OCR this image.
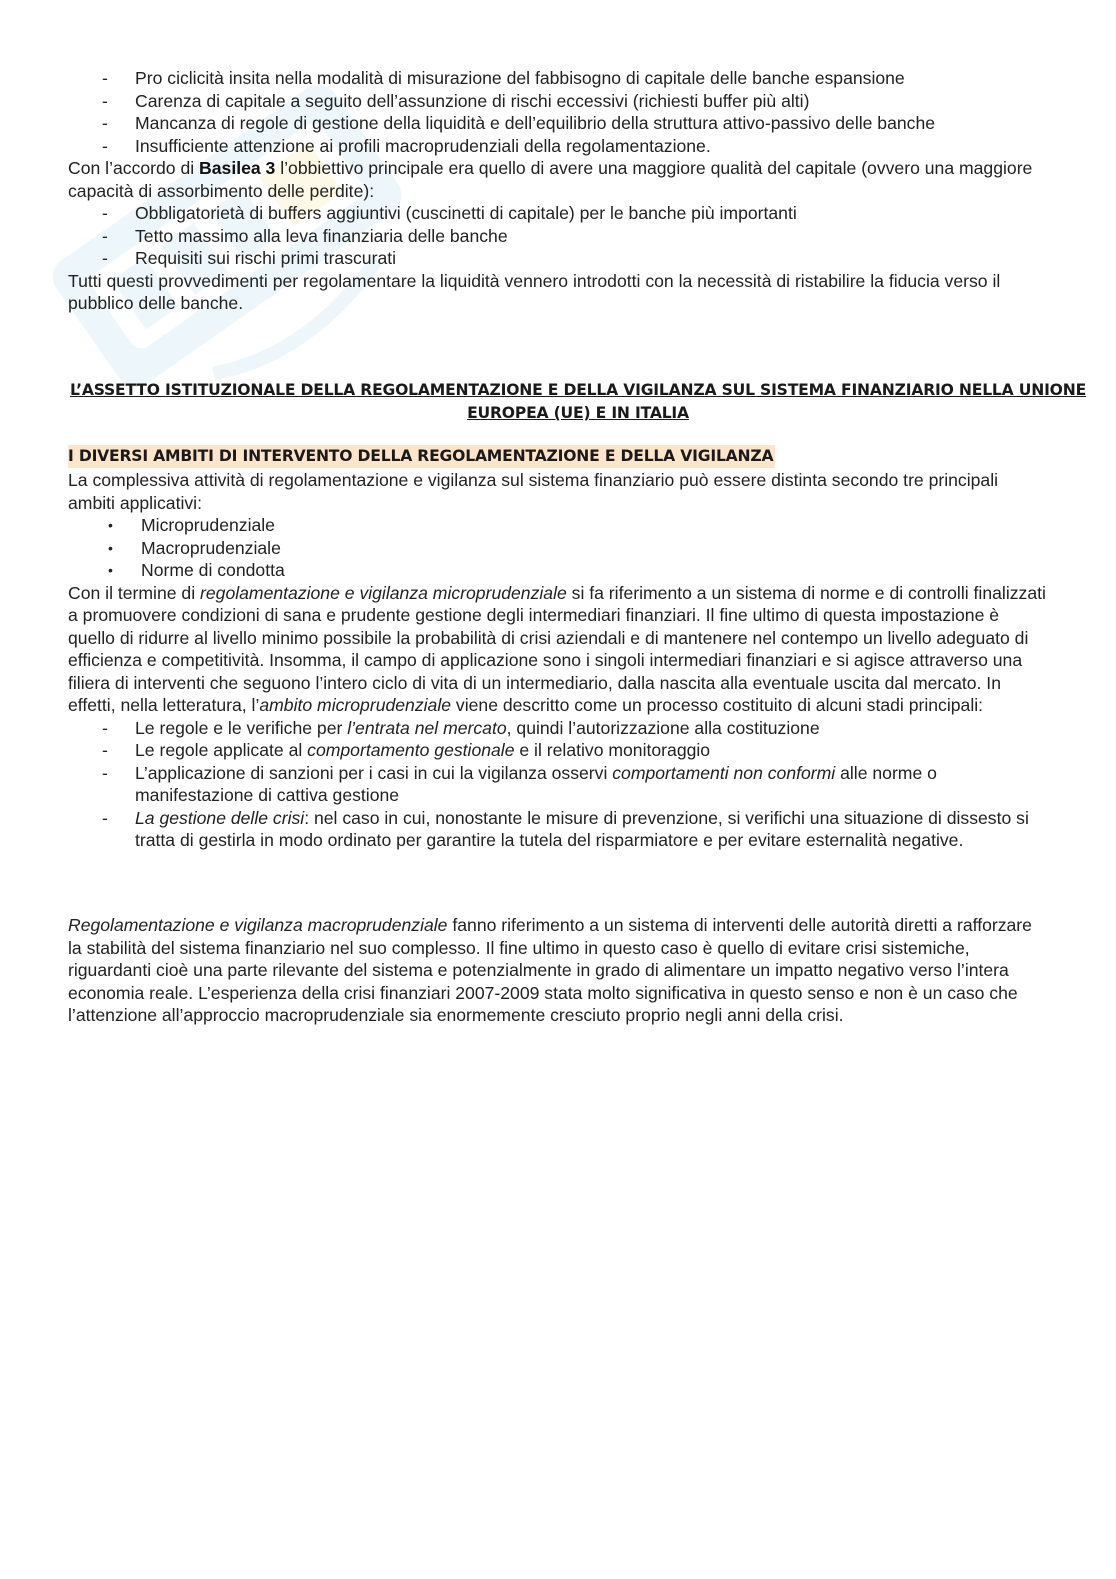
- Pro ciclicità insita nella modalità di misurazione del fabbisogno di capitale delle banche espansione
- Carenza di capitale a seguito dell’assunzione di rischi eccessivi (richiesti buffer più alti)
- Mancanza di regole di gestione della liquidità e dell’equilibrio della struttura attivo-passivo delle banche
- Insufficiente attenzione ai profili macroprudenziali della regolamentazione.

Con l’accordo di Basilea 3 l’obbiettivo principale era quello di avere una maggiore qualità del capitale (ovvero una maggiore capacità di assorbimento delle perdite):

- Obbligatorietà di buffers aggiuntivi (cuscinetti di capitale) per le banche più importanti
- Tetto massimo alla leva finanziaria delle banche
- Requisiti sui rischi primi trascurati

Tutti questi provvedimenti per regolamentare la liquidità vennero introdotti con la necessità di ristabilire la fiducia verso il pubblico delle banche.

L’ASSETTO ISTITUZIONALE DELLA REGOLAMENTAZIONE E DELLA VIGILANZA SUL SISTEMA FINANZIARIO NELLA UNIONE EUROPEA (UE) E IN ITALIA
I DIVERSI AMBITI DI INTERVENTO DELLA REGOLAMENTAZIONE E DELLA VIGILANZA

La complessiva attività di regolamentazione e vigilanza sul sistema finanziario può essere distinta secondo tre principali ambiti applicativi:

• Microprudenziale
• Macroprudenziale
• Norme di condotta

Con il termine di regolamentazione e vigilanza microprudenziale si fa riferimento a un sistema di norme e di controlli finalizzati a promuovere condizioni di sana e prudente gestione degli intermediari finanziari. Il fine ultimo di questa impostazione è quello di ridurre al livello minimo possibile la probabilità di crisi aziendali e di mantenere nel contempo un livello adeguato di efficienza e competitività. Insomma, il campo di applicazione sono i singoli intermediari finanziari e si agisce attraverso una filiera di interventi che seguono l’intero ciclo di vita di un intermediario, dalla nascita alla eventuale uscita dal mercato. In effetti, nella letteratura, l’ambito microprudenziale viene descritto come un processo costituito di alcuni stadi principali:

- Le regole e le verifiche per l’entrata nel mercato, quindi l’autorizzazione alla costituzione
- Le regole applicate al comportamento gestionale e il relativo monitoraggio
- L’applicazione di sanzioni per i casi in cui la vigilanza osservi comportamenti non conformi alle norme o manifestazione di cattiva gestione
- La gestione delle crisi: nel caso in cui, nonostante le misure di prevenzione, si verifichi una situazione di dissesto si tratta di gestirla in modo ordinato per garantire la tutela del risparmiatore e per evitare esternalità negative.

Regolamentazione e vigilanza macroprudenziale fanno riferimento a un sistema di interventi delle autorità diretti a rafforzare la stabilità del sistema finanziario nel suo complesso. Il fine ultimo in questo caso è quello di evitare crisi sistemiche, riguardanti cioè una parte rilevante del sistema e potenzialmente in grado di alimentare un impatto negativo verso l’intera economia reale. L’esperienza della crisi finanziari 2007-2009 stata molto significativa in questo senso e non è un caso che l’attenzione all’approccio macroprudenziale sia enormemente cresciuto proprio negli anni della crisi.
